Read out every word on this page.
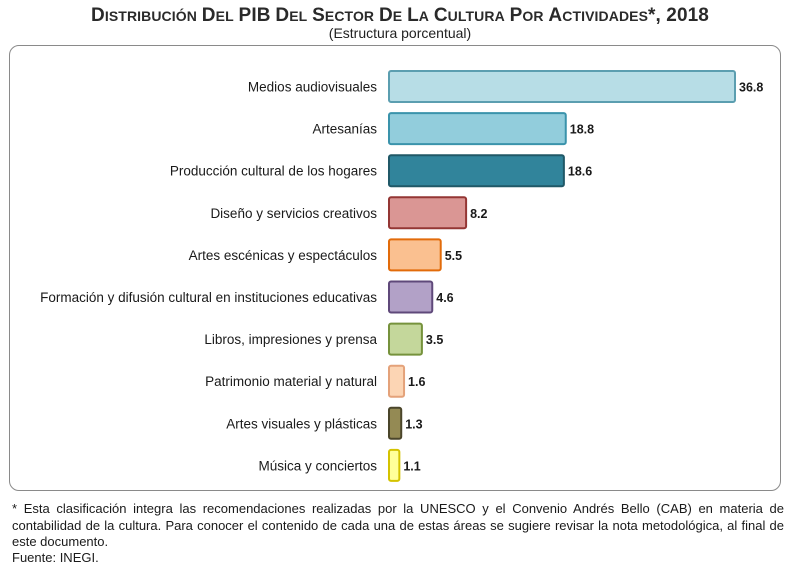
DISTRIBUCIÓN DEL PIB DEL SECTOR DE LA CULTURA POR ACTIVIDADES*, 2018
(Estructura porcentual)
Medios audiovisuales
Artesanías
Producción cultural de los hogares
Diseño y servicios creativos
Artes escénicas y espectáculos
Formación y difusión cultural en instituciones educativas
Libros, impresiones y prensa
Patrimonio material y natural
Artes visuales y plásticas
Música y conciertos
36.8
18.8
18.6
8.2
5.5
4.6
3.5
1.6
1.3
1.1
* Esta clasificación integra las recomendaciones realizadas por la UNESCO y el Convenio Andrés Bello (CAB) en materia de contabilidad de la cultura. Para conocer el contenido de cada una de estas áreas se sugiere revisar la nota metodológica, al final de este documento.
Fuente: INEGI.
